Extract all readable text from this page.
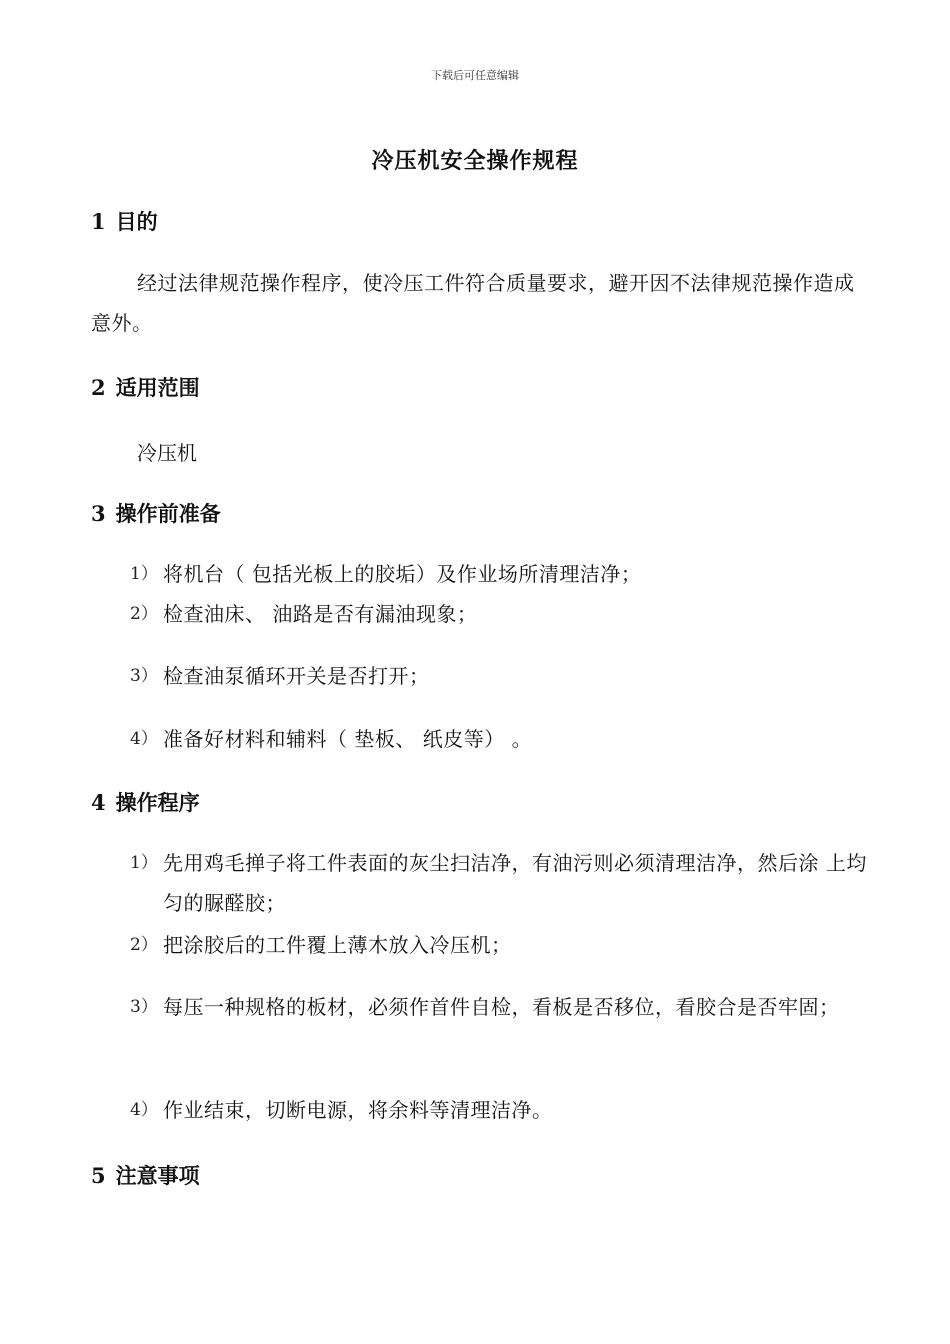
下载后可任意编辑
冷压机安全操作规程
1 目的
经过法律规范操作程序，使冷压工件符合质量要求，避开因不法律规范操作造成意外。
2 适用范围
冷压机
3 操作前准备
1） 将机台（ 包括光板上的胶垢）及作业场所清理洁净；
2） 检查油床、 油路是否有漏油现象；
3） 检查油泵循环开关是否打开；
4） 准备好材料和辅料（ 垫板、 纸皮等） 。
4 操作程序
1） 先用鸡毛掸子将工件表面的灰尘扫洁净，有油污则必须清理洁净，然后涂 上均匀的脲醛胶；
2） 把涂胶后的工件覆上薄木放入冷压机；
3） 每压一种规格的板材，必须作首件自检，看板是否移位，看胶合是否牢固；
4） 作业结束，切断电源，将余料等清理洁净。
5 注意事项
